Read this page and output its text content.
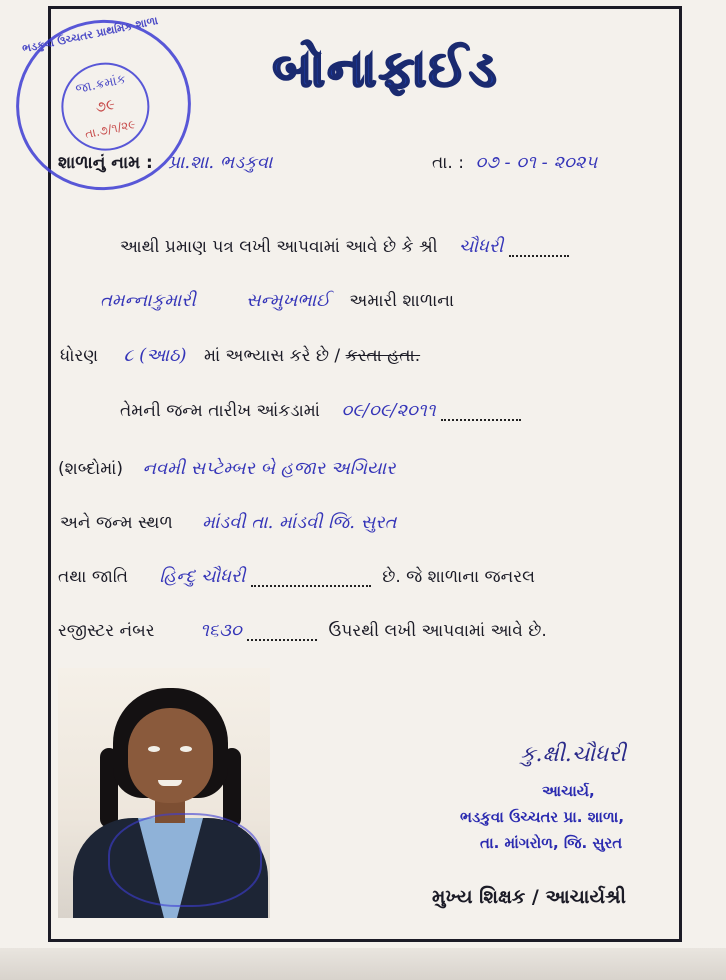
ભડકુવા ઉચ્ચતર પ્રાથમિક શાળા
જા.ક્રમાંક
૭૯
તા.૭/૧/૨૯
બોનાફાઈડ
શાળાનું નામ : પ્રા.શા. ભડકુવા	તા. : ૦૭ - ૦૧ - ૨૦૨૫
આથી પ્રમાણ પત્ર લખી આપવામાં આવે છે કે શ્રી ચૌધરી
તમન્નાકુમારી	સન્મુખભાઈ અમારી શાળાના
ધોરણ ૮ (આઠ) માં અભ્યાસ કરે છે / કરતા હતા.
તેમની જન્મ તારીખ આંકડામાં ૦૯/૦૯/૨૦૧૧
(શબ્દોમાં) નવમી સપ્ટેમ્બર બે હજાર અગિયાર
અને જન્મ સ્થળ માંડવી તા. માંડવી જિ. સુરત
તથા જાતિ હિન્દુ ચૌધરી	છે. જે શાળાના જનરલ
રજીસ્ટર નંબર	૧૬૩૦	ઉપરથી લખી આપવામાં આવે છે.
કુ.ક્ષી.ચૌધરી
આચાર્ય,
ભડકુવા ઉચ્ચતર પ્રા. શાળા,
તા. માંગરોળ, જિ. સુરત
મુખ્ય શિક્ષક / આચાર્યશ્રી
